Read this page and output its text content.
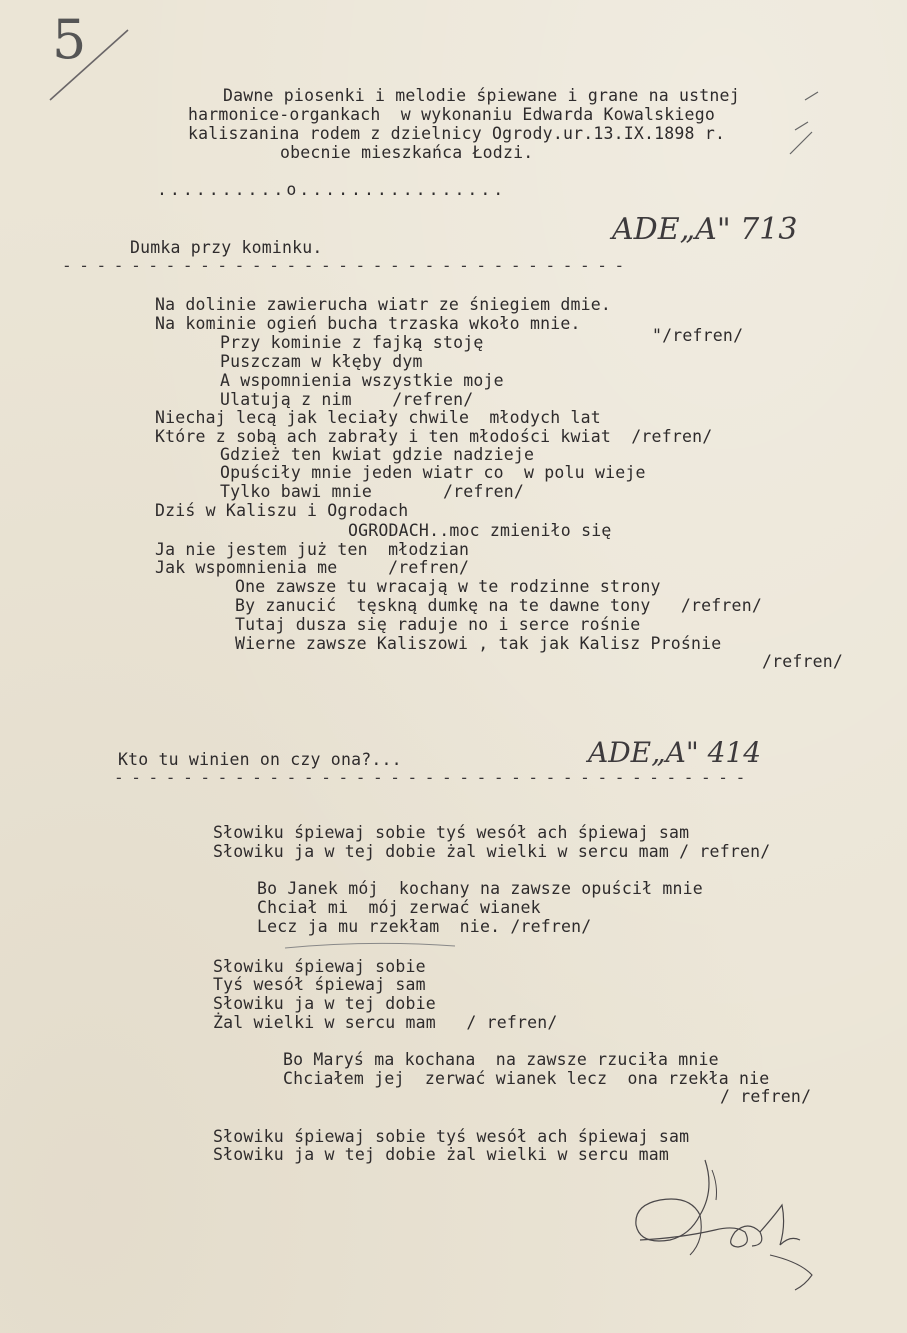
5
Dawne piosenki i melodie śpiewane i grane na ustnej
harmonice-organkach  w wykonaniu Edwarda Kowalskiego
kaliszanina rodem z dzielnicy Ogrody.ur.13.IX.1898 r.
obecnie mieszkańca Łodzi.
..........o................
Dumka przy kominku.
- - - - - - - - - - - - - - - - - - - - - - - - - - - - - - - - -
ADE„A" 713
Na dolinie zawierucha wiatr ze śniegiem dmie.
Na kominie ogień bucha trzaska wkoło mnie.
"/refren/
Przy kominie z fajką stoję
Puszczam w kłęby dym
A wspomnienia wszystkie moje
Ulatują z nim    /refren/
Niechaj lecą jak leciały chwile  młodych lat
Które z sobą ach zabrały i ten młodości kwiat  /refren/
Gdzież ten kwiat gdzie nadzieje
Opuściły mnie jeden wiatr co  w polu wieje
Tylko bawi mnie       /refren/
Dziś w Kaliszu i Ogrodach
OGRODACH..moc zmieniło się
Ja nie jestem już ten  młodzian
Jak wspomnienia me     /refren/
One zawsze tu wracają w te rodzinne strony
By zanucić  tęskną dumkę na te dawne tony   /refren/
Tutaj dusza się raduje no i serce rośnie
Wierne zawsze Kaliszowi , tak jak Kalisz Prośnie
/refren/
Kto tu winien on czy ona?...
- - - - - - - - - - - - - - - - - - - - - - - - - - - - - - - - - - - - -
ADE„A" 414
Słowiku śpiewaj sobie tyś wesół ach śpiewaj sam
Słowiku ja w tej dobie żal wielki w sercu mam / refren/
Bo Janek mój  kochany na zawsze opuścił mnie
Chciał mi  mój zerwać wianek
Lecz ja mu rzekłam  nie. /refren/
Słowiku śpiewaj sobie
Tyś wesół śpiewaj sam
Słowiku ja w tej dobie
Żal wielki w sercu mam   / refren/
Bo Maryś ma kochana  na zawsze rzuciła mnie
Chciałem jej  zerwać wianek lecz  ona rzekła nie
/ refren/
Słowiku śpiewaj sobie tyś wesół ach śpiewaj sam
Słowiku ja w tej dobie żal wielki w sercu mam
